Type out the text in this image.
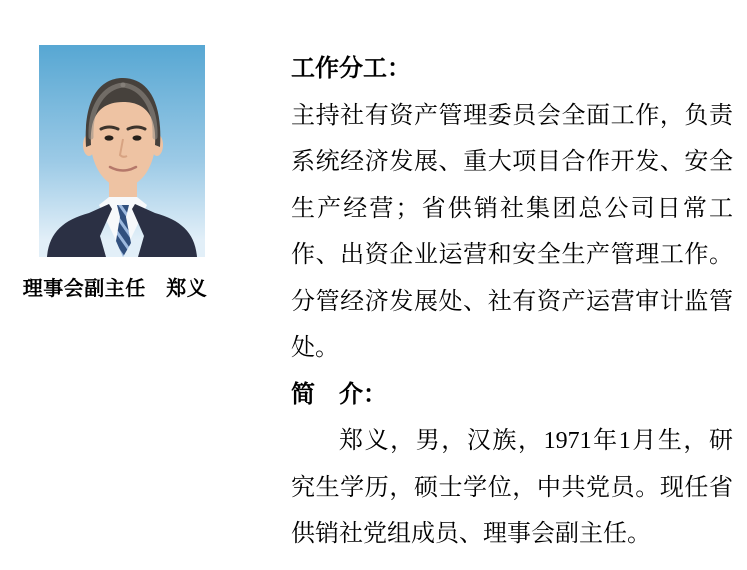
理事会副主任　郑义
工作分工：

主持社有资产管理委员会全面工作，负责系统经济发展、重大项目合作开发、安全生产经营；省供销社集团总公司日常工作、出资企业运营和安全生产管理工作。分管经济发展处、社有资产运营审计监管处。

简　介：

郑义，男，汉族，1971年1月生，研究生学历，硕士学位，中共党员。现任省供销社党组成员、理事会副主任。
